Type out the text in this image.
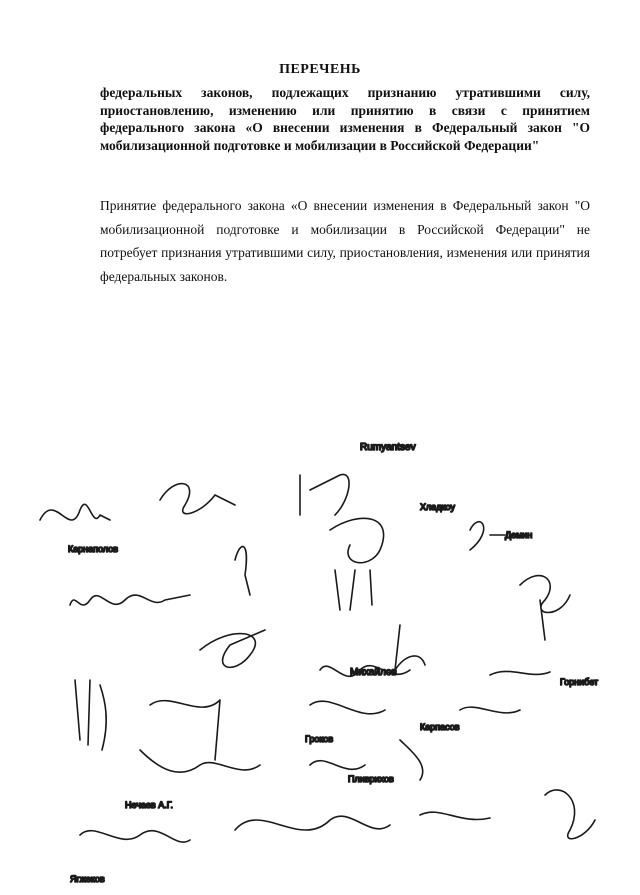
ПЕРЕЧЕНЬ
федеральных законов, подлежащих признанию утратившими силу, приостановлению, изменению или принятию в связи с принятием федерального закона «О внесении изменения в Федеральный закон "О мобилизационной подготовке и мобилизации в Российской Федерации"
Принятие федерального закона «О внесении изменения в Федеральный закон "О мобилизационной подготовке и мобилизации в Российской Федерации" не потребует признания утратившими силу, приостановления, изменения или принятия федеральных законов.
Rumyantsev
Карнаполов
Хладкоу
Демин
Михайлов
Горнибет
Гроков
Карпасов
Пливрихов
Нечаев А.Г.
Ягжеков
